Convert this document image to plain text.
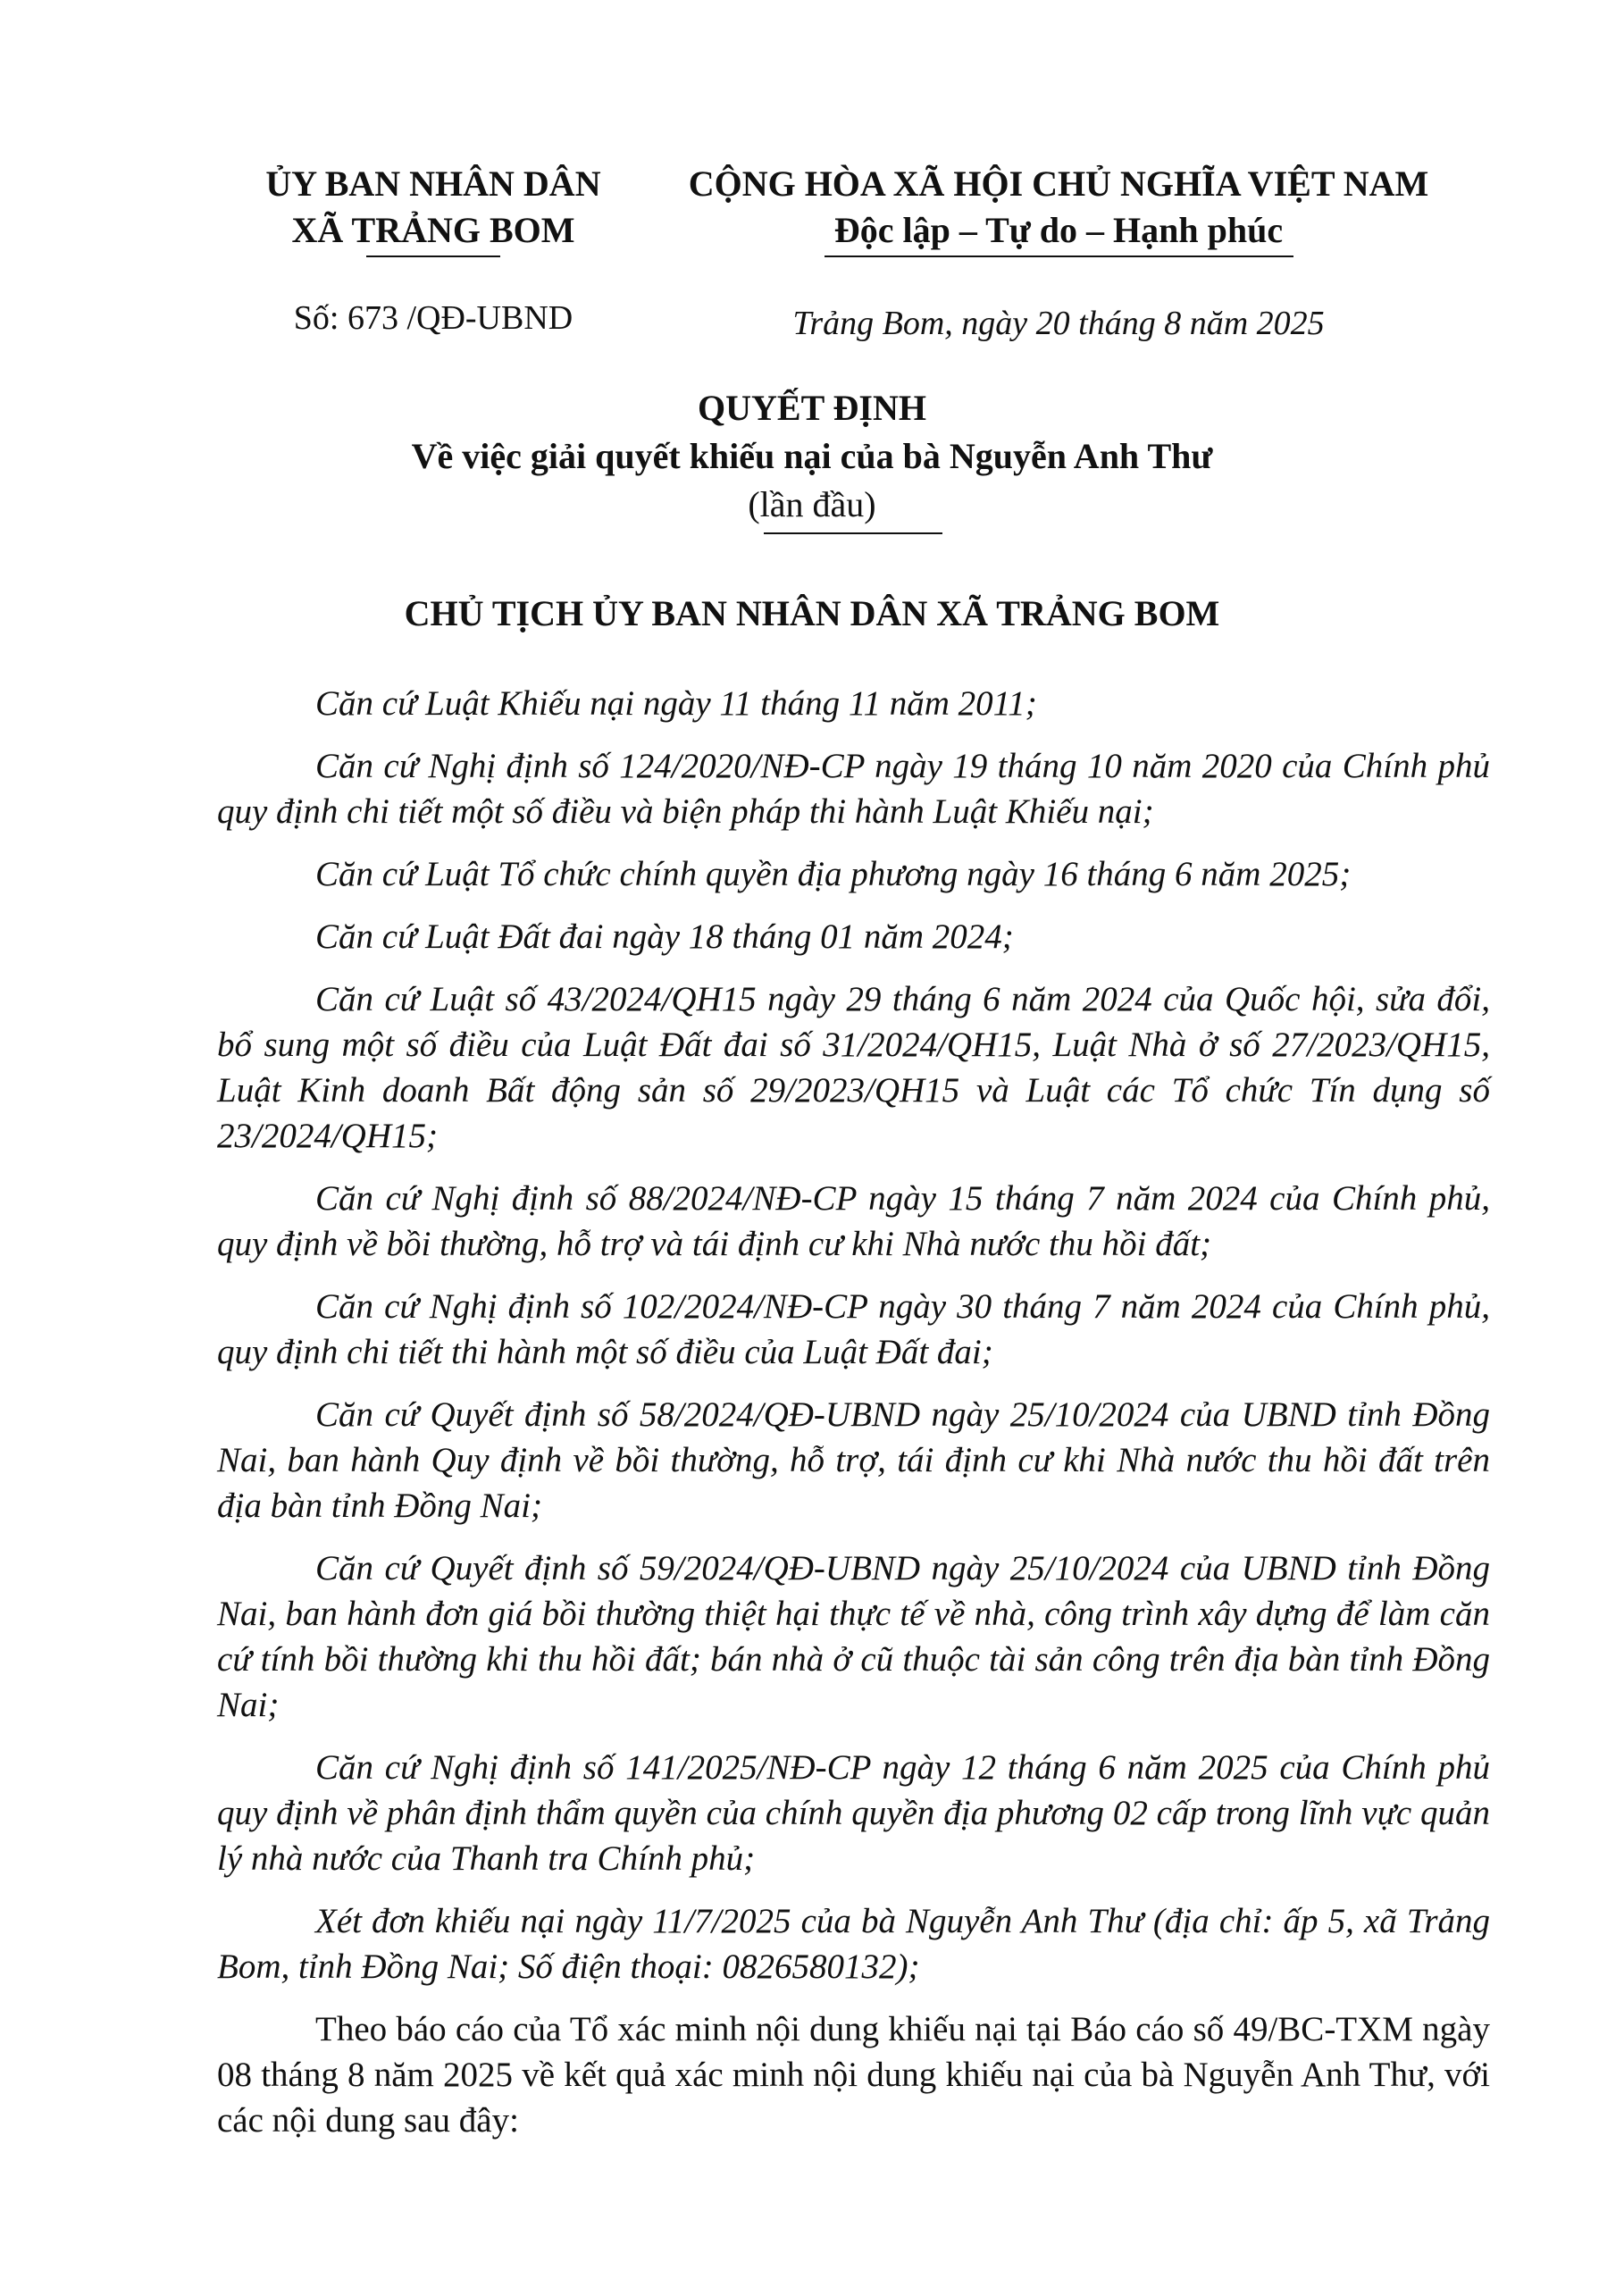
ỦY BAN NHÂN DÂN
XÃ TRẢNG BOM
Số: 673 /QĐ-UBND
CỘNG HÒA XÃ HỘI CHỦ NGHĨA VIỆT NAM
Độc lập – Tự do – Hạnh phúc
Trảng Bom, ngày 20 tháng 8 năm 2025
QUYẾT ĐỊNH
Về việc giải quyết khiếu nại của bà Nguyễn Anh Thư
(lần đầu)
CHỦ TỊCH ỦY BAN NHÂN DÂN XÃ TRẢNG BOM

Căn cứ Luật Khiếu nại ngày 11 tháng 11 năm 2011;

Căn cứ Nghị định số 124/2020/NĐ-CP ngày 19 tháng 10 năm 2020 của Chính phủ quy định chi tiết một số điều và biện pháp thi hành Luật Khiếu nại;

Căn cứ Luật Tổ chức chính quyền địa phương ngày 16 tháng 6 năm 2025;

Căn cứ Luật Đất đai ngày 18 tháng 01 năm 2024;

Căn cứ Luật số 43/2024/QH15 ngày 29 tháng 6 năm 2024 của Quốc hội, sửa đổi, bổ sung một số điều của Luật Đất đai số 31/2024/QH15, Luật Nhà ở số 27/2023/QH15, Luật Kinh doanh Bất động sản số 29/2023/QH15 và Luật các Tổ chức Tín dụng số 23/2024/QH15;

Căn cứ Nghị định số 88/2024/NĐ-CP ngày 15 tháng 7 năm 2024 của Chính phủ, quy định về bồi thường, hỗ trợ và tái định cư khi Nhà nước thu hồi đất;

Căn cứ Nghị định số 102/2024/NĐ-CP ngày 30 tháng 7 năm 2024 của Chính phủ, quy định chi tiết thi hành một số điều của Luật Đất đai;

Căn cứ Quyết định số 58/2024/QĐ-UBND ngày 25/10/2024 của UBND tỉnh Đồng Nai, ban hành Quy định về bồi thường, hỗ trợ, tái định cư khi Nhà nước thu hồi đất trên địa bàn tỉnh Đồng Nai;

Căn cứ Quyết định số 59/2024/QĐ-UBND ngày 25/10/2024 của UBND tỉnh Đồng Nai, ban hành đơn giá bồi thường thiệt hại thực tế về nhà, công trình xây dựng để làm căn cứ tính bồi thường khi thu hồi đất; bán nhà ở cũ thuộc tài sản công trên địa bàn tỉnh Đồng Nai;

Căn cứ Nghị định số 141/2025/NĐ-CP ngày 12 tháng 6 năm 2025 của Chính phủ quy định về phân định thẩm quyền của chính quyền địa phương 02 cấp trong lĩnh vực quản lý nhà nước của Thanh tra Chính phủ;

Xét đơn khiếu nại ngày 11/7/2025 của bà Nguyễn Anh Thư (địa chỉ: ấp 5, xã Trảng Bom, tỉnh Đồng Nai; Số điện thoại: 0826580132);

Theo báo cáo của Tổ xác minh nội dung khiếu nại tại Báo cáo số 49/BC-TXM ngày 08 tháng 8 năm 2025 về kết quả xác minh nội dung khiếu nại của bà Nguyễn Anh Thư, với các nội dung sau đây:
